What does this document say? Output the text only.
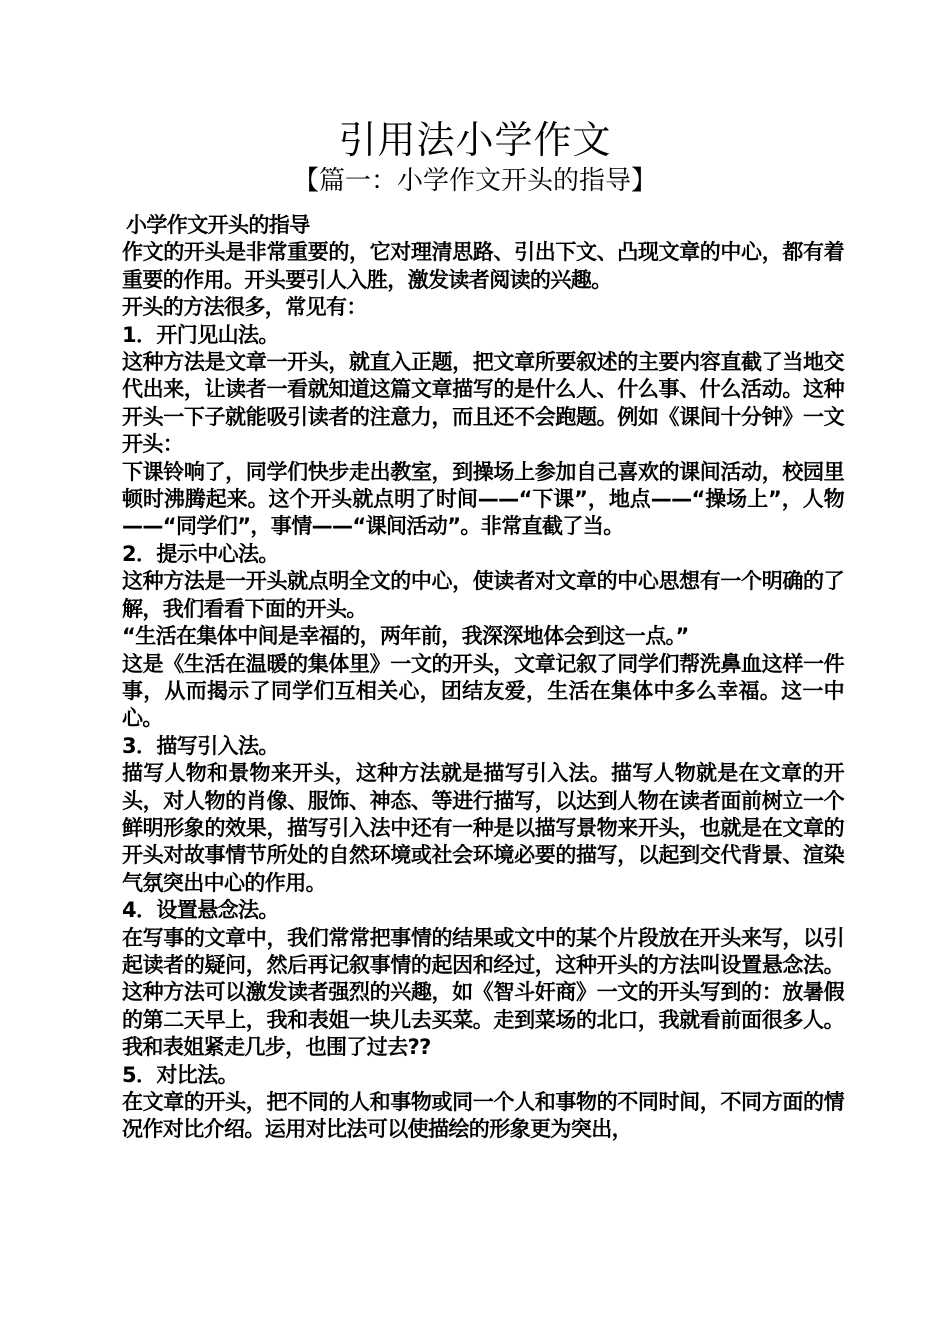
引用法小学作文
【篇一：小学作文开头的指导】

小学作文开头的指导

作文的开头是非常重要的，它对理清思路、引出下文、凸现文章的中心，都有着重要的作用。开头要引人入胜，激发读者阅读的兴趣。

开头的方法很多，常见有：

1．开门见山法。

这种方法是文章一开头，就直入正题，把文章所要叙述的主要内容直截了当地交代出来，让读者一看就知道这篇文章描写的是什么人、什么事、什么活动。这种开头一下子就能吸引读者的注意力，而且还不会跑题。例如《课间十分钟》一文开头：

下课铃响了，同学们快步走出教室，到操场上参加自己喜欢的课间活动，校园里顿时沸腾起来。这个开头就点明了时间——“下课”，地点——“操场上”，人物——“同学们”，事情——“课间活动”。非常直截了当。

2．提示中心法。

这种方法是一开头就点明全文的中心，使读者对文章的中心思想有一个明确的了解，我们看看下面的开头。

“生活在集体中间是幸福的，两年前，我深深地体会到这一点。”

这是《生活在温暖的集体里》一文的开头，文章记叙了同学们帮洗鼻血这样一件事，从而揭示了同学们互相关心，团结友爱，生活在集体中多么幸福。这一中心。

3．描写引入法。

描写人物和景物来开头，这种方法就是描写引入法。描写人物就是在文章的开头，对人物的肖像、服饰、神态、等进行描写，以达到人物在读者面前树立一个鲜明形象的效果，描写引入法中还有一种是以描写景物来开头，也就是在文章的开头对故事情节所处的自然环境或社会环境必要的描写，以起到交代背景、渲染气氛突出中心的作用。

4．设置悬念法。

在写事的文章中，我们常常把事情的结果或文中的某个片段放在开头来写，以引起读者的疑问，然后再记叙事情的起因和经过，这种开头的方法叫设置悬念法。这种方法可以激发读者强烈的兴趣，如《智斗奸商》一文的开头写到的：放暑假的第二天早上，我和表姐一块儿去买菜。走到菜场的北口，我就看前面很多人。我和表姐紧走几步，也围了过去??

5．对比法。

在文章的开头，把不同的人和事物或同一个人和事物的不同时间，不同方面的情况作对比介绍。运用对比法可以使描绘的形象更为突出，
